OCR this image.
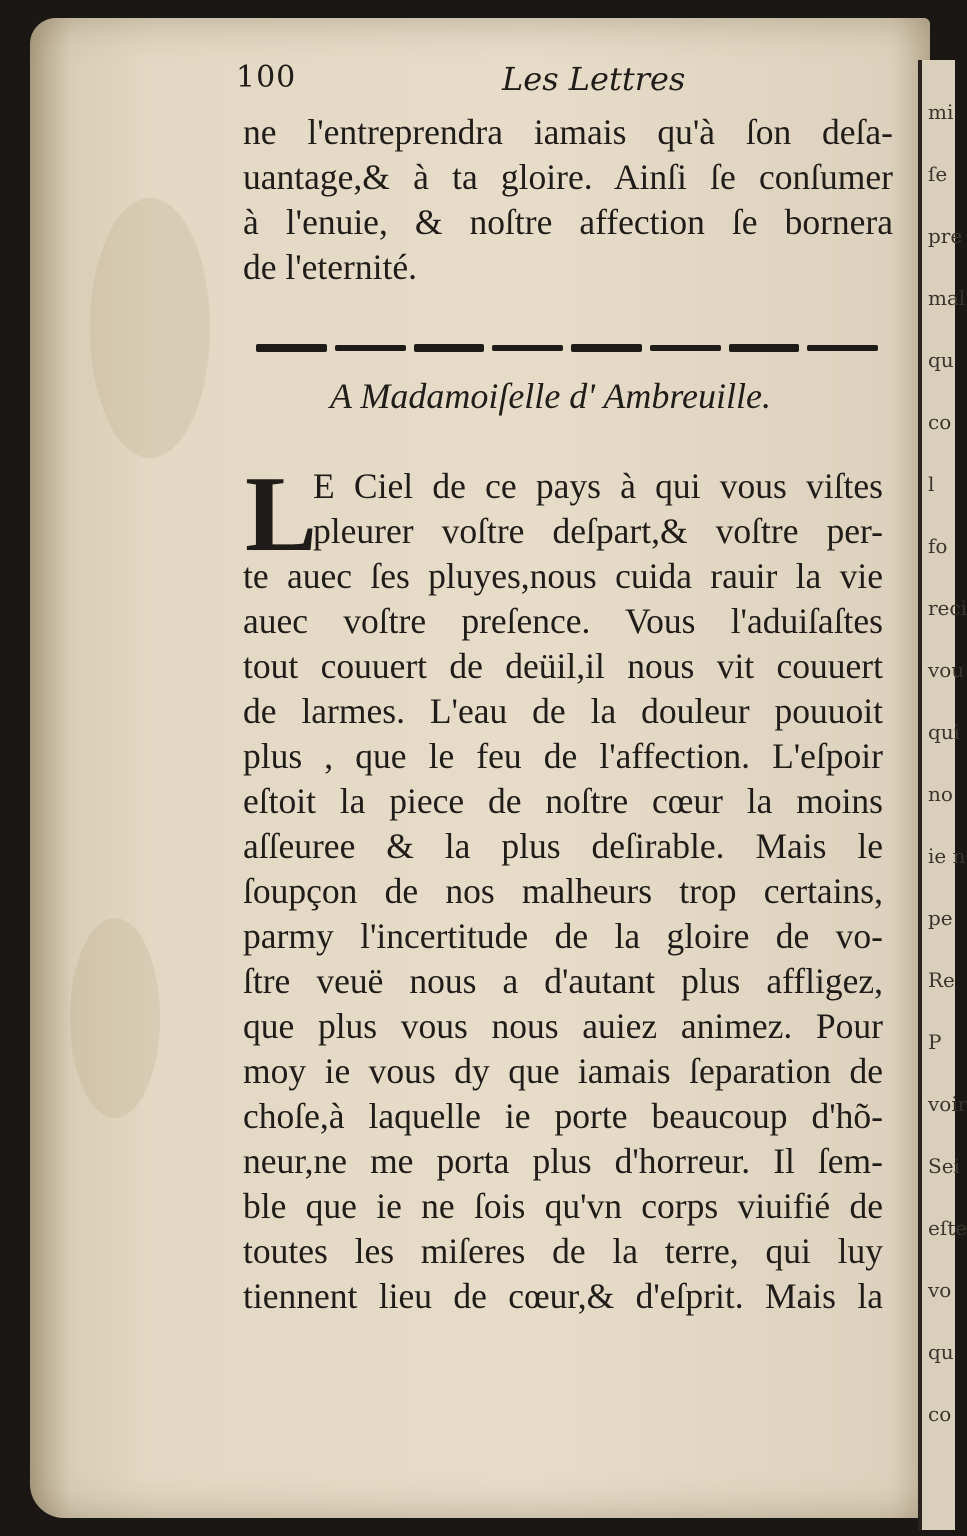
mi
ſe
pre
mal
qu
co
l
fo
reci
vou
qui
no
ie n
pe
Re
P
voir
Sei
eſte
vo
qu
co
100	Les Lettres
ne l'entreprendra iamais qu'à ſon deſa-
uantage,& à ta gloire. Ainſi ſe conſumer
à l'enuie, & noſtre affection ſe bornera
de l'eternité.
A Madamoiſelle d' Ambreuille.
L
E Ciel de ce pays à qui vous viſtes
pleurer voſtre deſpart,& voſtre per-
te auec ſes pluyes,nous cuida rauir la vie
auec voſtre preſence. Vous l'aduiſaſtes
tout couuert de deüil,il nous vit couuert
de larmes. L'eau de la douleur pouuoit
plus , que le feu de l'affection. L'eſpoir
eſtoit la piece de noſtre cœur la moins
aſſeuree & la plus deſirable. Mais le
ſoupçon de nos malheurs trop certains,
parmy l'incertitude de la gloire de vo-
ſtre veuë nous a d'autant plus affligez,
que plus vous nous auiez animez. Pour
moy ie vous dy que iamais ſeparation de
choſe,à laquelle ie porte beaucoup d'hõ-
neur,ne me porta plus d'horreur. Il ſem-
ble que ie ne ſois qu'vn corps viuifié de
toutes les miſeres de la terre, qui luy
tiennent lieu de cœur,& d'eſprit. Mais la
